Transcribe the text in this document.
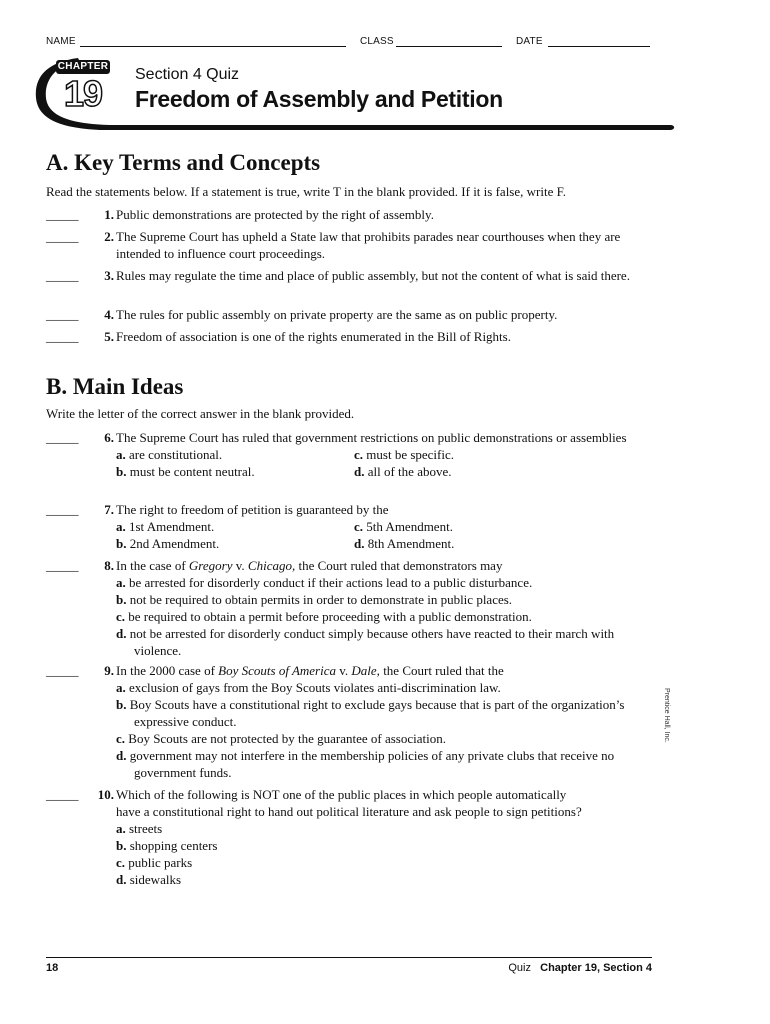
NAME	CLASS	DATE
CHAPTER
19	Section 4 Quiz
Freedom of Assembly and Petition
A. Key Terms and Concepts
Read the statements below. If a statement is true, write T in the blank provided. If it is false, write F.
_____	1. Public demonstrations are protected by the right of assembly.
_____	2. The Supreme Court has upheld a State law that prohibits parades near courthouses when they are intended to influence court proceedings.
_____	3. Rules may regulate the time and place of public assembly, but not the content of what is said there.
_____	4. The rules for public assembly on private property are the same as on public property.
_____	5. Freedom of association is one of the rights enumerated in the Bill of Rights.
B. Main Ideas
Write the letter of the correct answer in the blank provided.
_____	6. The Supreme Court has ruled that government restrictions on public demonstrations or assemblies
a. are constitutional.	c. must be specific.
b. must be content neutral.	d. all of the above.
_____	7. The right to freedom of petition is guaranteed by the
a. 1st Amendment.	c. 5th Amendment.
b. 2nd Amendment.	d. 8th Amendment.
_____	8. In the case of Gregory v. Chicago, the Court ruled that demonstrators may
a. be arrested for disorderly conduct if their actions lead to a public disturbance.
b. not be required to obtain permits in order to demonstrate in public places.
c. be required to obtain a permit before proceeding with a public demonstration.
d. not be arrested for disorderly conduct simply because others have reacted to their march with violence.
_____	9. In the 2000 case of Boy Scouts of America v. Dale, the Court ruled that the
a. exclusion of gays from the Boy Scouts violates anti-discrimination law.
b. Boy Scouts have a constitutional right to exclude gays because that is part of the organization’s expressive conduct.
c. Boy Scouts are not protected by the guarantee of association.
d. government may not interfere in the membership policies of any private clubs that receive no government funds.
_____	10. Which of the following is NOT one of the public places in which people automatically have a constitutional right to hand out political literature and ask people to sign petitions?
a. streets
b. shopping centers
c. public parks
d. sidewalks
Prentice Hall, Inc.
18	Quiz Chapter 19, Section 4
